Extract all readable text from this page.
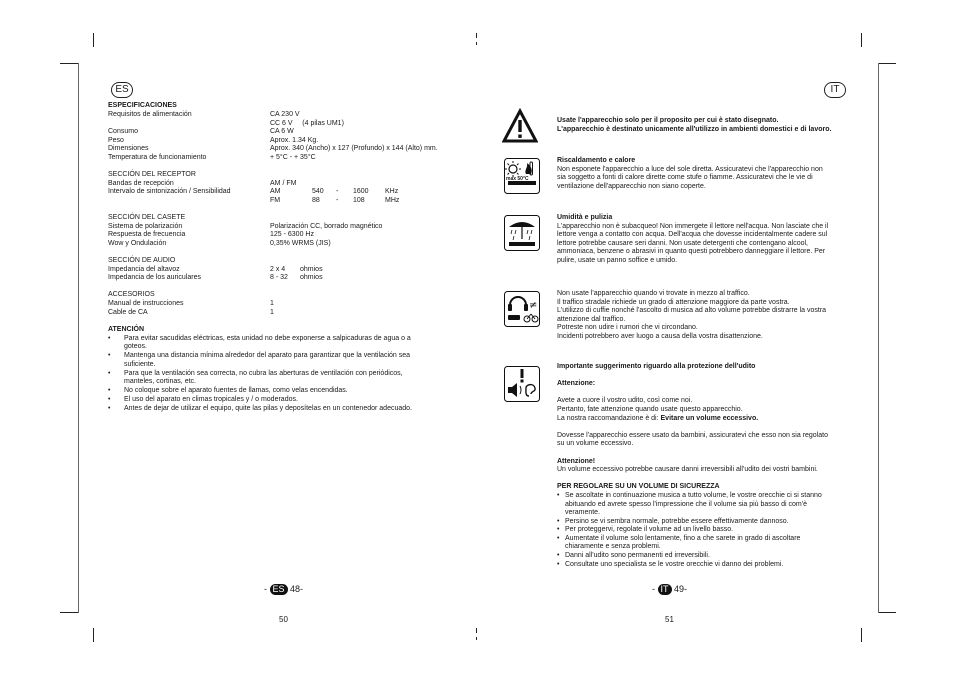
ES
ESPECIFICACIONES
Requisitos de alimentación	CA 230 V
CC 6 V     (4 pilas UM1)
Consumo	CA 6 W
Peso	Aprox. 1.34 Kg.
Dimensiones	Aprox. 340 (Ancho) x 127 (Profundo) x 144 (Alto) mm.
Temperatura de funcionamiento	+ 5°C - + 35°C
SECCIÓN DEL RECEPTOR
Bandas de recepción	AM / FM
Intervalo de sintonización / Sensibilidad	AM	540 - 1600 KHz
FM	88 - 108	MHz
SECCIÓN DEL CASETE
Sistema de polarización	Polarización CC, borrado magnético
Respuesta de frecuencia	125 - 6300 Hz
Wow y Ondulación	0,35% WRMS (JIS)
SECCIÓN DE AUDIO
Impedancia del altavoz	2 x 4 ohmios
Impedancia de los auriculares	8 - 32 ohmios
ACCESORIOS
Manual de instrucciones	1
Cable de CA	1
ATENCIÓN
• Para evitar sacudidas eléctricas, esta unidad no debe exponerse a salpicaduras de agua o a
goteos.
• Mantenga una distancia mínima alrededor del aparato para garantizar que la ventilación sea
suficiente.
• Para que la ventilación sea correcta, no cubra las aberturas de ventilación con periódicos,
manteles, cortinas, etc.
• No coloque sobre el aparato fuentes de llamas, como velas encendidas.
• El uso del aparato en climas tropicales y / o moderados.
• Antes de dejar de utilizar el equipo, quite las pilas y deposítelas en un contenedor adecuado.
- ES 48-
50
IT

Usate l'apparecchio solo per il proposito per cui è stato disegnato.

L'apparecchio è destinato unicamente all'utilizzo in ambienti domestici e di lavoro.

max 50°C

Riscaldamento e calore

Non esponete l'apparecchio a luce del sole diretta. Assicuratevi che l'apparecchio non

sia soggetto a fonti di calore dirette come stufe o fiamme. Assicuratevi che le vie di

ventilazione dell'apparecchio non siano coperte.

Umidità e pulizia

L'apparecchio non è subacqueo! Non immergete il lettore nell'acqua. Non lasciate che il

lettore venga a contatto con acqua. Dell'acqua che dovesse incidentalmente cadere sul

lettore potrebbe causare seri danni. Non usate detergenti che contengano alcool,

ammoniaca, benzene o abrasivi in quanto questi potrebbero danneggiare il lettore. Per

pulire, usate un panno soffice e umido.

≠

Non usate l'apparecchio quando vi trovate in mezzo al traffico.

Il traffico stradale richiede un grado di attenzione maggiore da parte vostra.

L'utilizzo di cuffie nonché l'ascolto di musica ad alto volume potrebbe distrarre la vostra

attenzione dal traffico.

Potreste non udire i rumori che vi circondano.

Incidenti potrebbero aver luogo a causa della vostra disattenzione.

Importante suggerimento riguardo alla protezione dell'udito

Attenzione:

Avete a cuore il vostro udito, così come noi.

Pertanto, fate attenzione quando usate questo apparecchio.

La nostra raccomandazione è di: Evitare un volume eccessivo.

Dovesse l'apparecchio essere usato da bambini, assicuratevi che esso non sia regolato

su un volume eccessivo.

Attenzione!

Un volume eccessivo potrebbe causare danni irreversibili all'udito dei vostri bambini.

PER REGOLARE SU UN VOLUME DI SICUREZZA

• Se ascoltate in continuazione musica a tutto volume, le vostre orecchie ci si stanno
abituando ed avrete spesso l'impressione che il volume sia più basso di com'è
veramente.
• Persino se vi sembra normale, potrebbe essere effettivamente dannoso.
• Per proteggervi, regolate il volume ad un livello basso.
• Aumentate il volume solo lentamente, fino a che sarete in grado di ascoltare
chiaramente e senza problemi.
• Danni all'udito sono permanenti ed irreversibili.
• Consultate uno specialista se le vostre orecchie vi danno dei problemi.
- IT 49-
51
